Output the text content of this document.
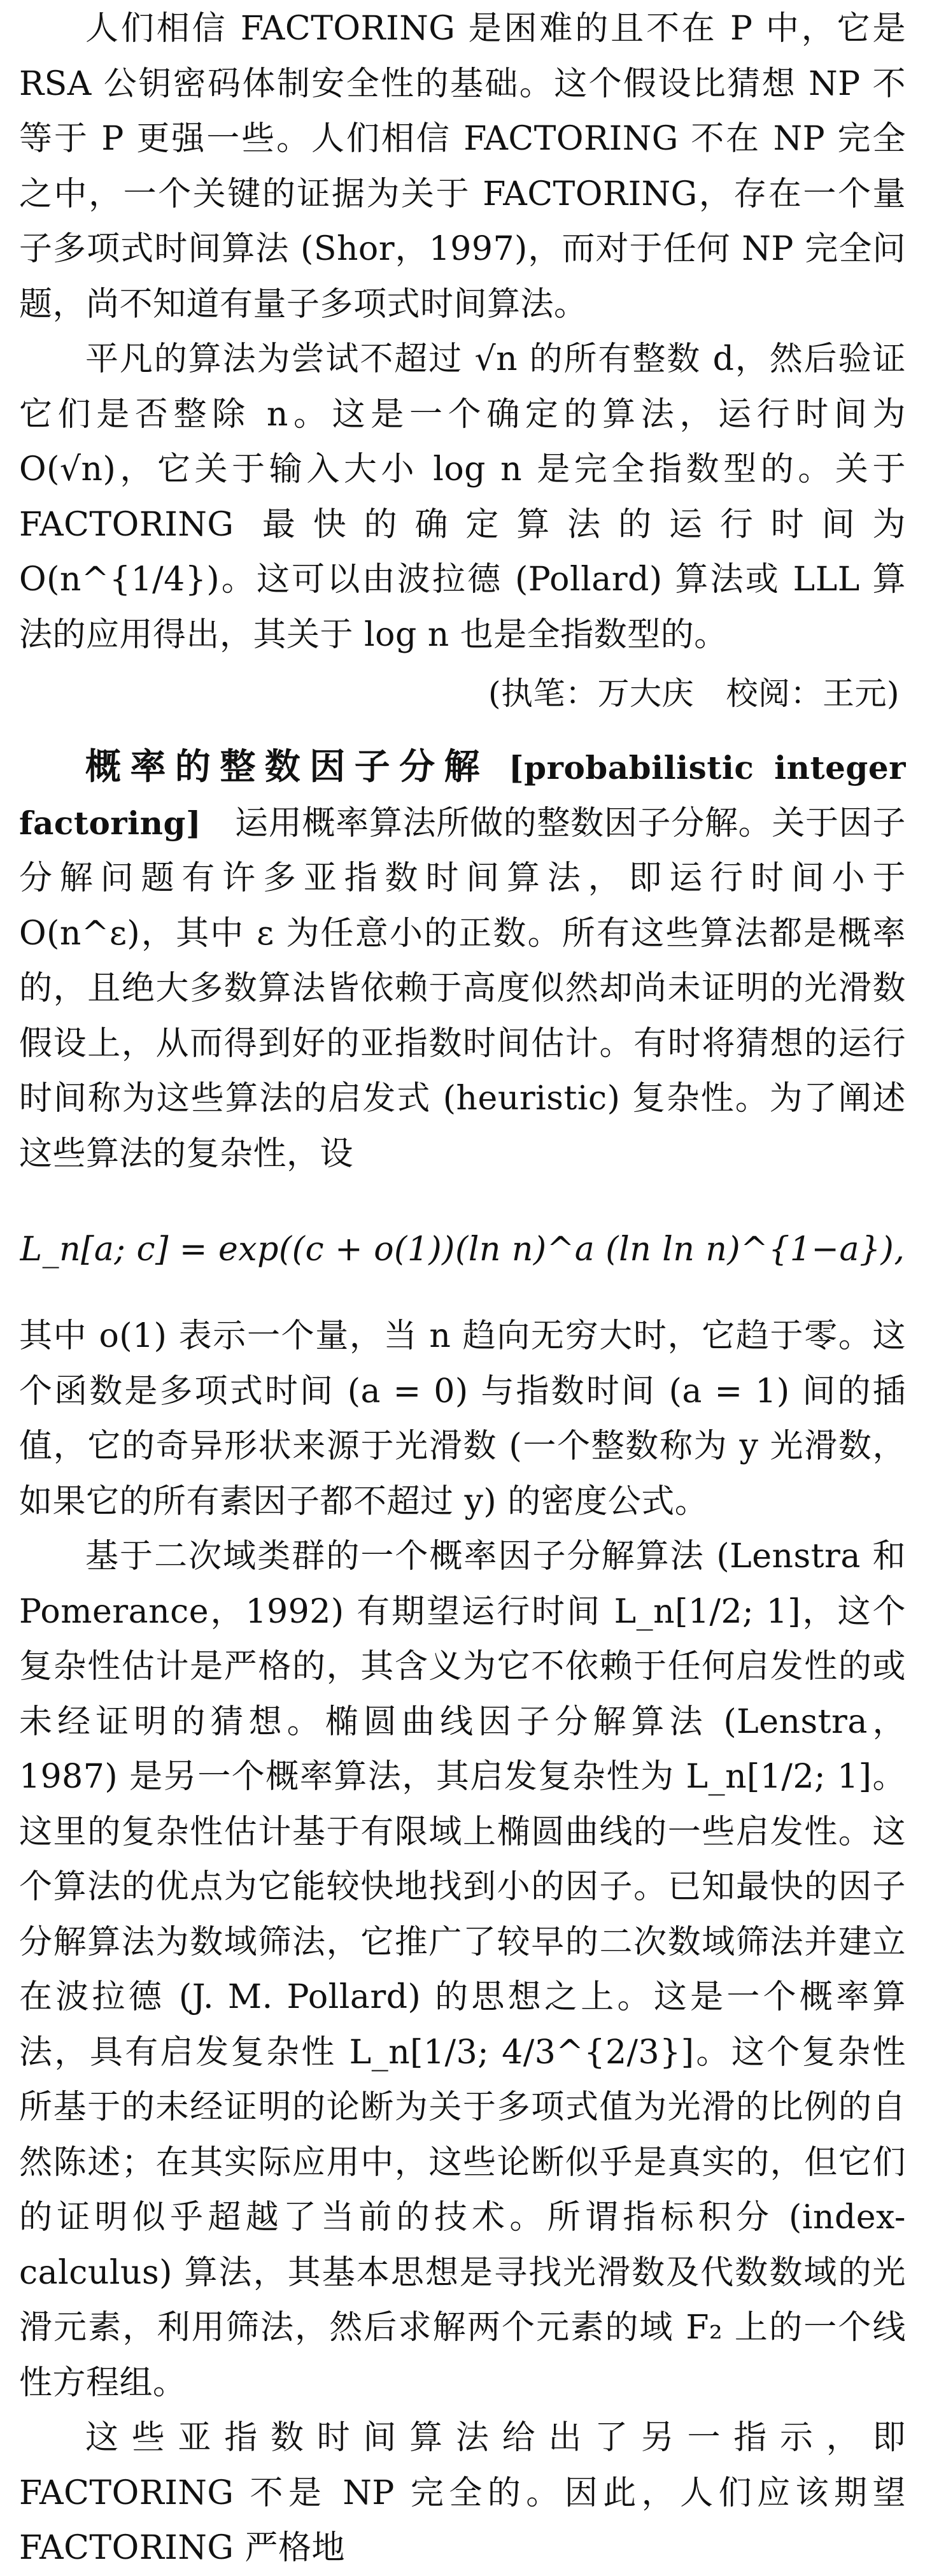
人们相信 FACTORING 是困难的且不在 P 中，它是 RSA 公钥密码体制安全性的基础。这个假设比猜想 NP 不等于 P 更强一些。人们相信 FACTORING 不在 NP 完全之中，一个关键的证据为关于 FACTORING，存在一个量子多项式时间算法 (Shor，1997)，而对于任何 NP 完全问题，尚不知道有量子多项式时间算法。

平凡的算法为尝试不超过 √n 的所有整数 d，然后验证它们是否整除 n。这是一个确定的算法，运行时间为 O(√n)，它关于输入大小 log n 是完全指数型的。关于 FACTORING 最快的确定算法的运行时间为 O(n^{1/4})。这可以由波拉德 (Pollard) 算法或 LLL 算法的应用得出，其关于 log n 也是全指数型的。

(执笔：万大庆　校阅：王元)

概率的整数因子分解 [probabilistic integer factoring]　 运用概率算法所做的整数因子分解。关于因子分解问题有许多亚指数时间算法，即运行时间小于 O(n^ε)，其中 ε 为任意小的正数。所有这些算法都是概率的，且绝大多数算法皆依赖于高度似然却尚未证明的光滑数假设上，从而得到好的亚指数时间估计。有时将猜想的运行时间称为这些算法的启发式 (heuristic) 复杂性。为了阐述这些算法的复杂性，设

L_n[a; c] = exp((c + o(1))(ln n)^a (ln ln n)^{1−a}),

其中 o(1) 表示一个量，当 n 趋向无穷大时，它趋于零。这个函数是多项式时间 (a = 0) 与指数时间 (a = 1) 间的插值，它的奇异形状来源于光滑数 (一个整数称为 y 光滑数，如果它的所有素因子都不超过 y) 的密度公式。

基于二次域类群的一个概率因子分解算法 (Lenstra 和 Pomerance，1992) 有期望运行时间 L_n[1/2; 1]，这个复杂性估计是严格的，其含义为它不依赖于任何启发性的或未经证明的猜想。椭圆曲线因子分解算法 (Lenstra，1987) 是另一个概率算法，其启发复杂性为 L_n[1/2; 1]。这里的复杂性估计基于有限域上椭圆曲线的一些启发性。这个算法的优点为它能较快地找到小的因子。已知最快的因子分解算法为数域筛法，它推广了较早的二次数域筛法并建立在波拉德 (J. M. Pollard) 的思想之上。这是一个概率算法，具有启发复杂性 L_n[1/3; 4/3^{2/3}]。这个复杂性所基于的未经证明的论断为关于多项式值为光滑的比例的自然陈述；在其实际应用中，这些论断似乎是真实的，但它们的证明似乎超越了当前的技术。所谓指标积分 (index-calculus) 算法，其基本思想是寻找光滑数及代数数域的光滑元素，利用筛法，然后求解两个元素的域 F₂ 上的一个线性方程组。

这些亚指数时间算法给出了另一指示，即 FACTORING 不是 NP 完全的。因此，人们应该期望 FACTORING 严格地
